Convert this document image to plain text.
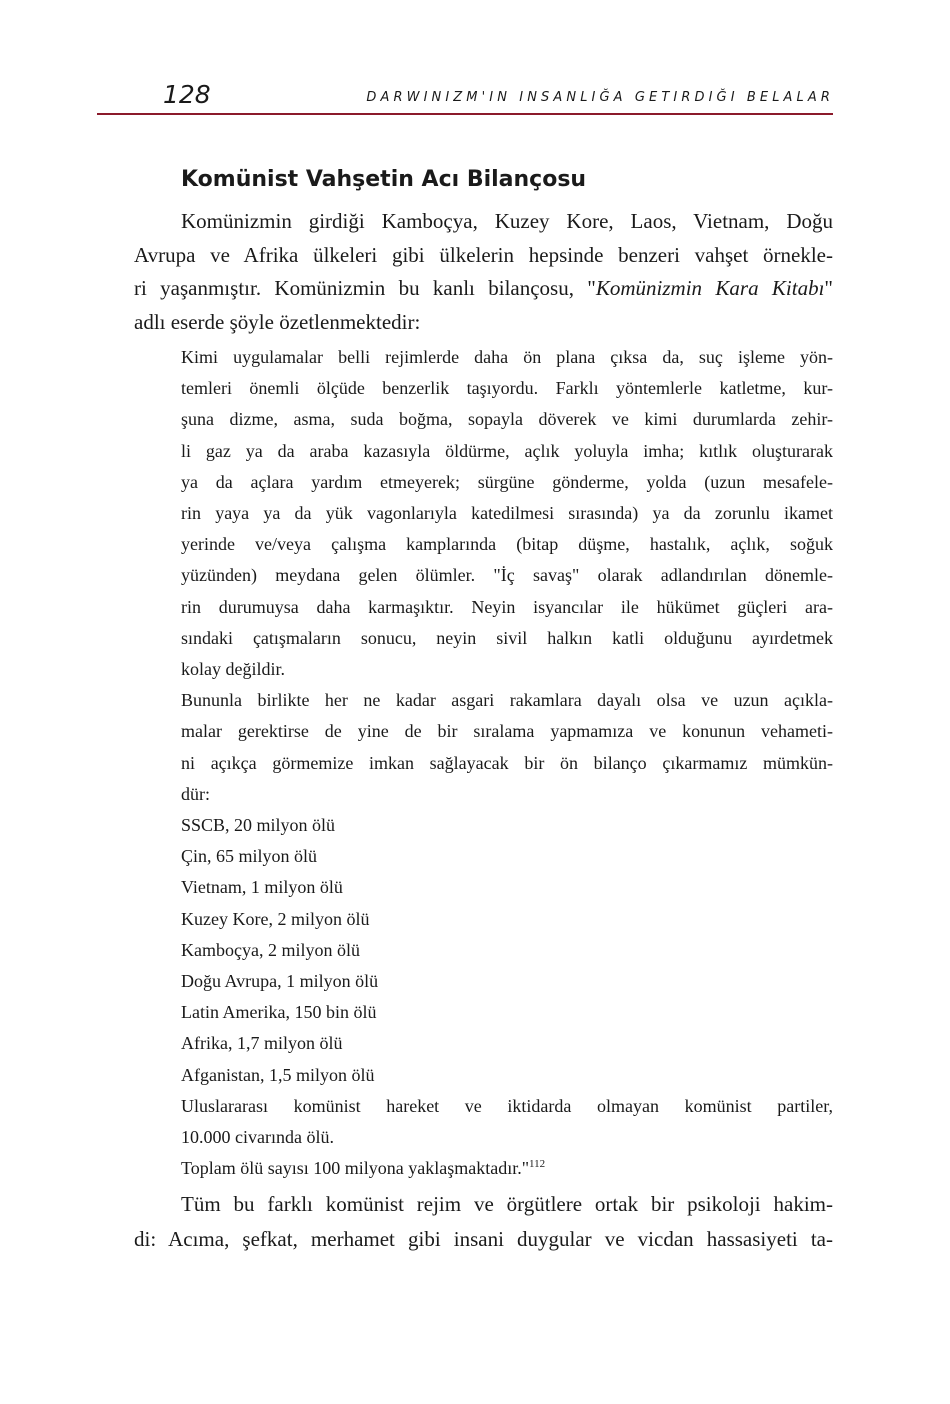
128	DARWINIZM'IN INSANLIĞA GETIRDIĞI BELALAR
Komünist Vahşetin Acı Bilançosu
Komünizmin girdiği Kamboçya, Kuzey Kore, Laos, Vietnam, Doğu
Avrupa ve Afrika ülkeleri gibi ülkelerin hepsinde benzeri vahşet örnekle-
ri yaşanmıştır. Komünizmin bu kanlı bilançosu, "Komünizmin Kara Kitabı"
adlı eserde şöyle özetlenmektedir:
Kimi uygulamalar belli rejimlerde daha ön plana çıksa da, suç işleme yön-
temleri önemli ölçüde benzerlik taşıyordu. Farklı yöntemlerle katletme, kur-
şuna dizme, asma, suda boğma, sopayla döverek ve kimi durumlarda zehir-
li gaz ya da araba kazasıyla öldürme, açlık yoluyla imha; kıtlık oluşturarak
ya da açlara yardım etmeyerek; sürgüne gönderme, yolda (uzun mesafele-
rin yaya ya da yük vagonlarıyla katedilmesi sırasında) ya da zorunlu ikamet
yerinde ve/veya çalışma kamplarında (bitap düşme, hastalık, açlık, soğuk
yüzünden) meydana gelen ölümler. "İç savaş" olarak adlandırılan dönemle-
rin durumuysa daha karmaşıktır. Neyin isyancılar ile hükümet güçleri ara-
sındaki çatışmaların sonucu, neyin sivil halkın katli olduğunu ayırdetmek
kolay değildir.
Bununla birlikte her ne kadar asgari rakamlara dayalı olsa ve uzun açıkla-
malar gerektirse de yine de bir sıralama yapmamıza ve konunun vehameti-
ni açıkça görmemize imkan sağlayacak bir ön bilanço çıkarmamız mümkün-
dür:
SSCB, 20 milyon ölü
Çin, 65 milyon ölü
Vietnam, 1 milyon ölü
Kuzey Kore, 2 milyon ölü
Kamboçya, 2 milyon ölü
Doğu Avrupa, 1 milyon ölü
Latin Amerika, 150 bin ölü
Afrika, 1,7 milyon ölü
Afganistan, 1,5 milyon ölü
Uluslararası komünist hareket ve iktidarda olmayan komünist partiler,
10.000 civarında ölü.
Toplam ölü sayısı 100 milyona yaklaşmaktadır."$^{112}$
Tüm bu farklı komünist rejim ve örgütlere ortak bir psikoloji hakim-
di: Acıma, şefkat, merhamet gibi insani duygular ve vicdan hassasiyeti ta-
